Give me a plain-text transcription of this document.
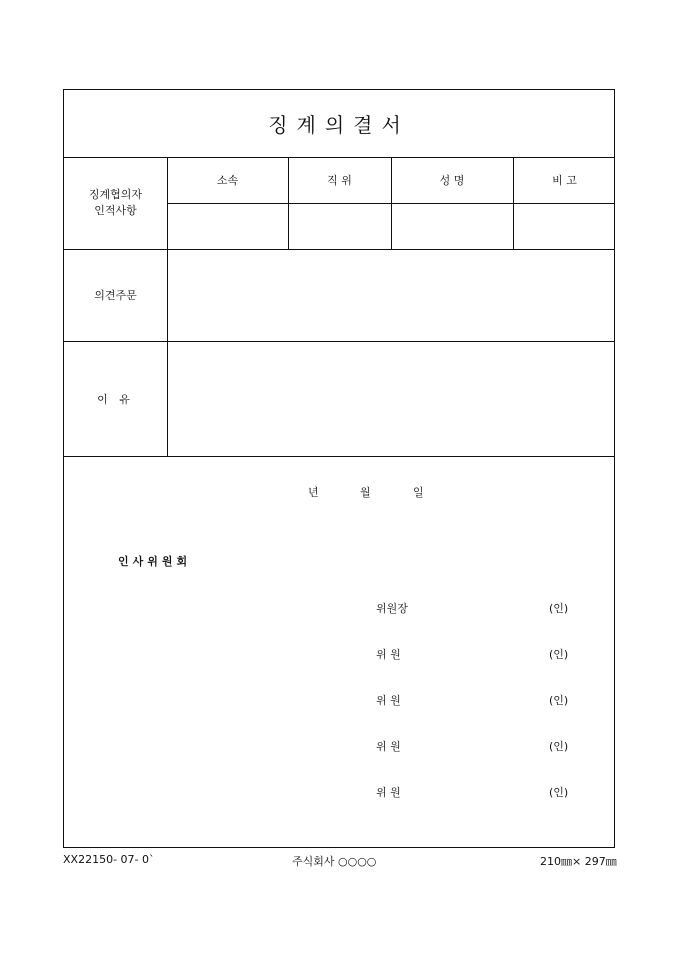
징계의결서
징계협의자
인적사항
소속	직 위	성 명	비 고
의견주문
이 유
년	월	일
인사위원회
위원장	(인)
위 원	(인)
위 원	(인)
위 원	(인)
위 원	(인)
XX22150- 07- 0`	주식회사 ○○○○	210㎜× 297㎜
